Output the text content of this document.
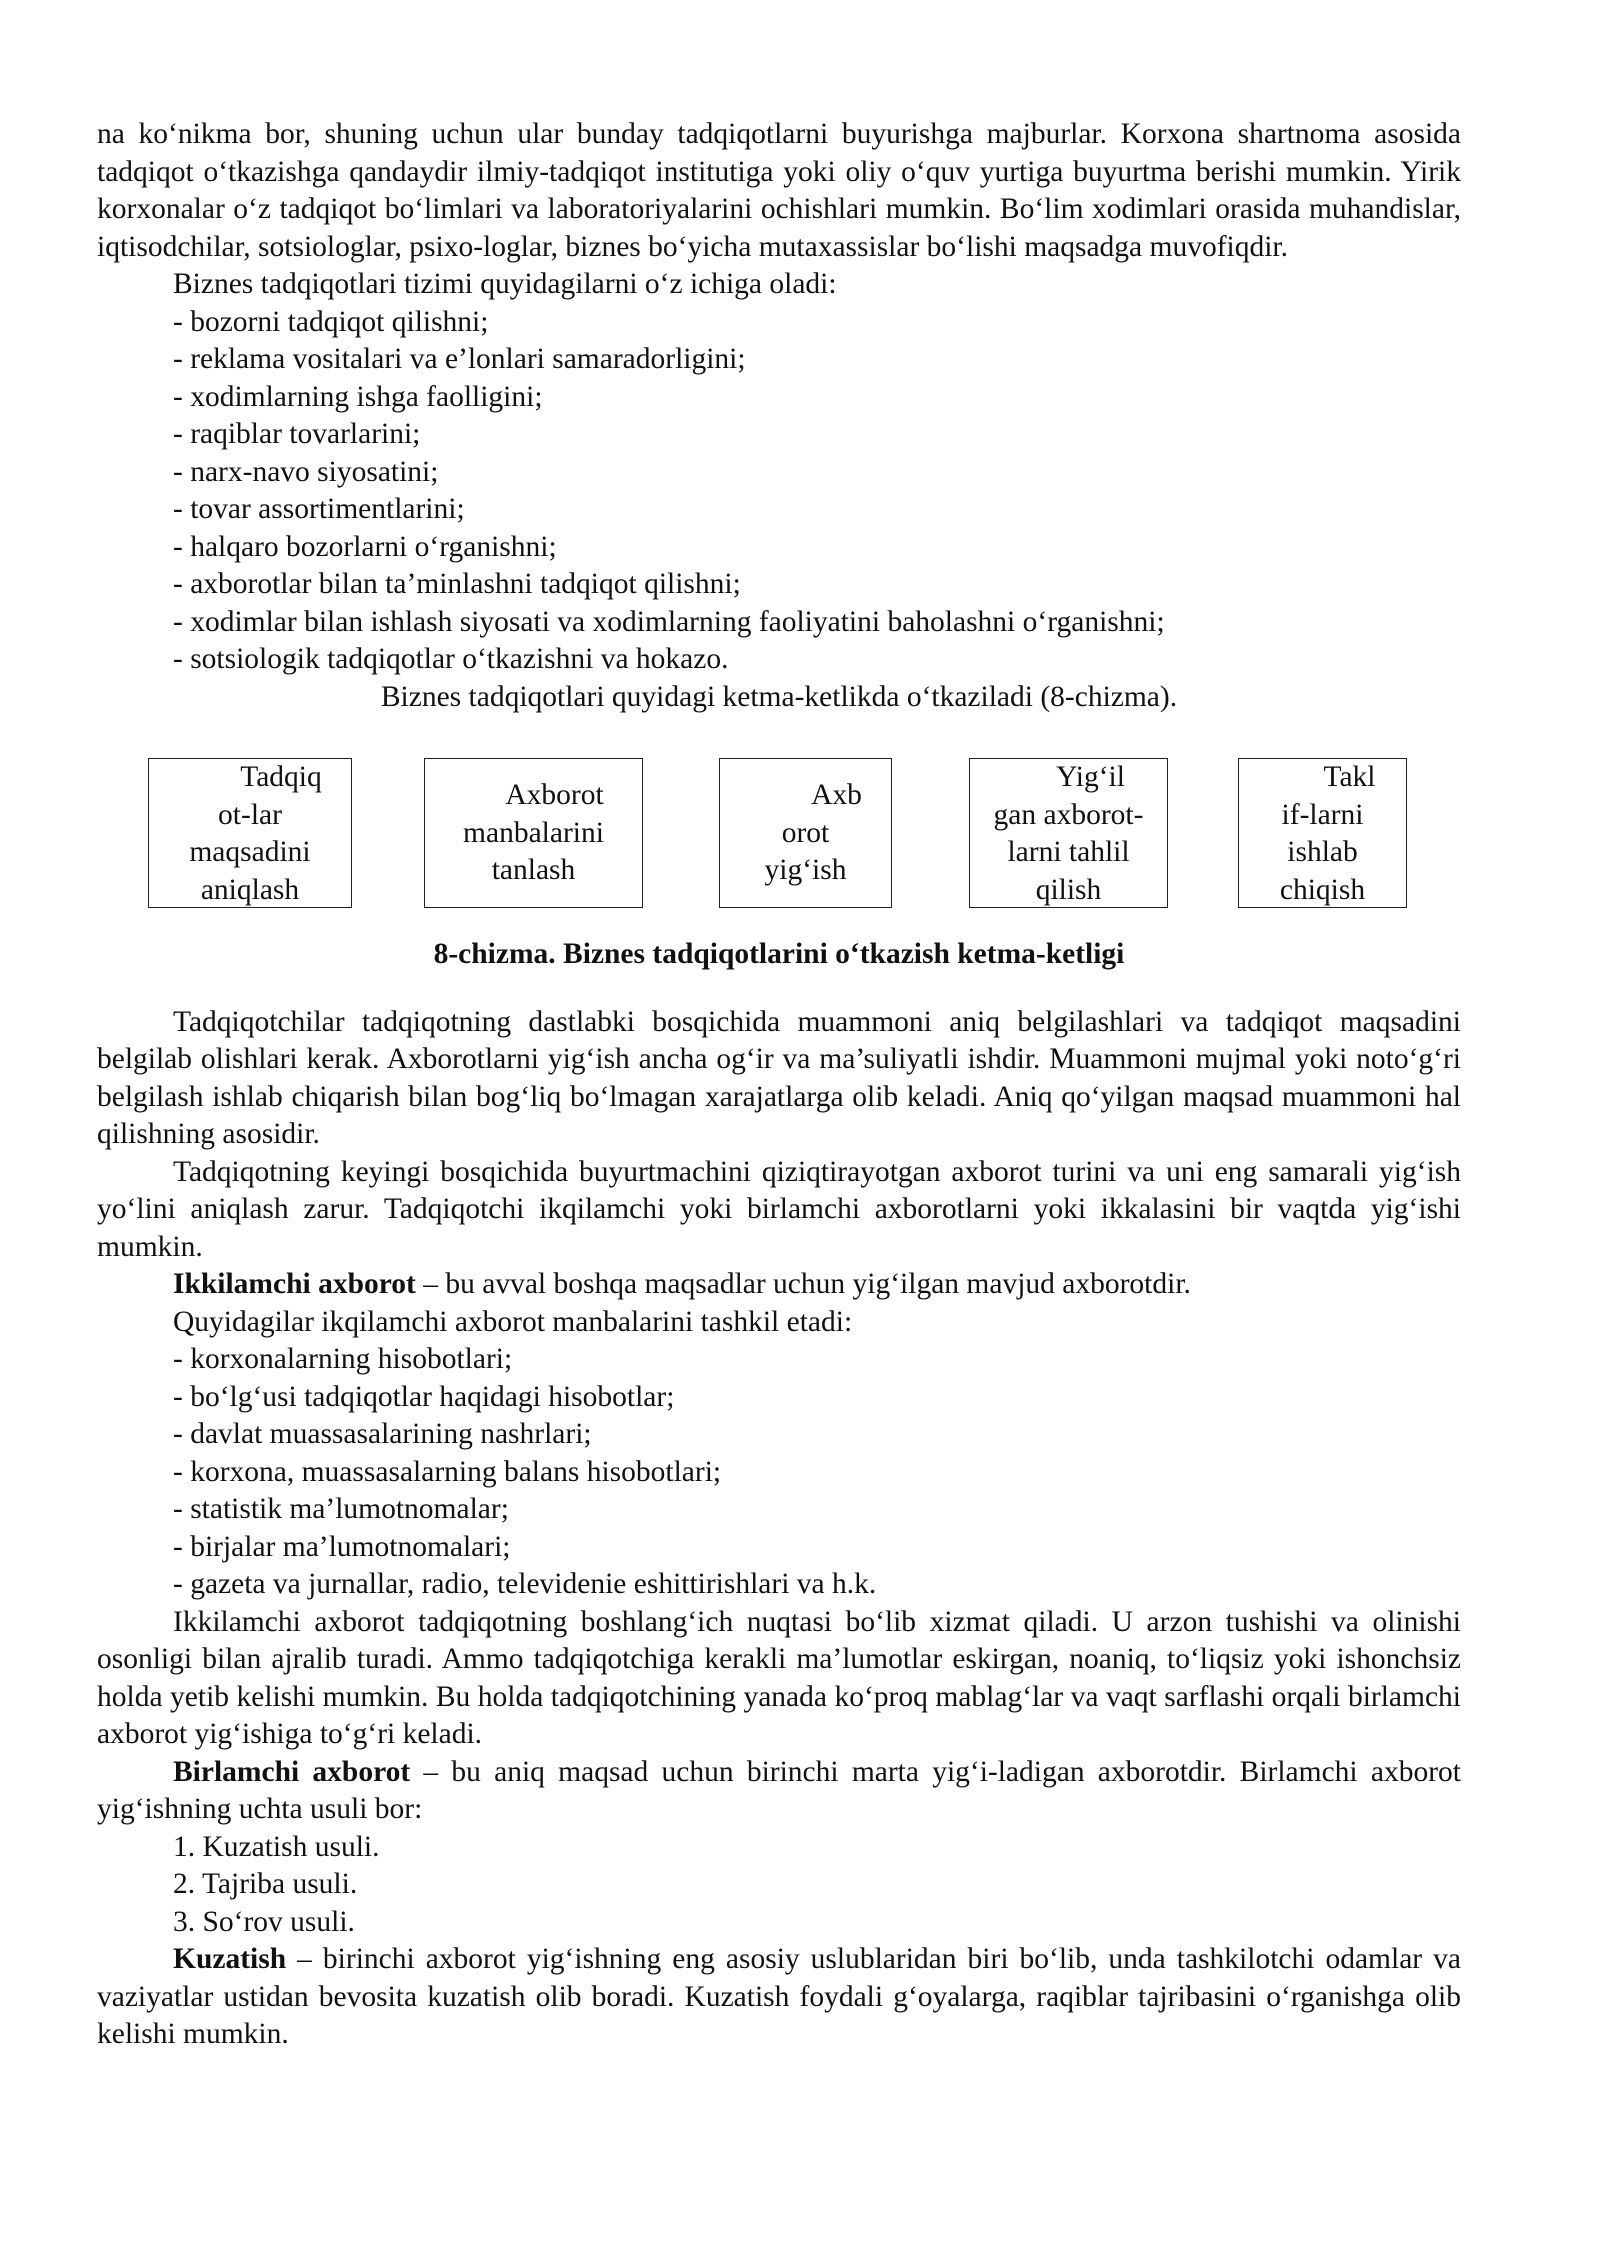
na ko‘nikma bor, shuning uchun ular bunday tadqiqotlarni buyurishga majburlar. Korxona shartnoma asosida tadqiqot o‘tkazishga qandaydir ilmiy-tadqiqot institutiga yoki oliy o‘quv yurtiga buyurtma berishi mumkin. Yirik korxonalar o‘z tadqiqot bo‘limlari va laboratoriyalarini ochishlari mumkin. Bo‘lim xodimlari orasida muhandislar, iqtisodchilar, sotsiologlar, psixo-loglar, biznes bo‘yicha mutaxassislar bo‘lishi maqsadga muvofiqdir.

Biznes tadqiqotlari tizimi quyidagilarni o‘z ichiga oladi:

- bozorni tadqiqot qilishni;

- reklama vositalari va e’lonlari samaradorligini;

- xodimlarning ishga faolligini;

- raqiblar tovarlarini;

- narx-navo siyosatini;

- tovar assortimentlarini;

- halqaro bozorlarni o‘rganishni;

- axborotlar bilan ta’minlashni tadqiqot qilishni;

- xodimlar bilan ishlash siyosati va xodimlarning faoliyatini baholashni o‘rganishni;

- sotsiologik tadqiqotlar o‘tkazishni va hokazo.

Biznes tadqiqotlari quyidagi ketma-ketlikda o‘tkaziladi (8-chizma).

Tadqiq
ot-lar
maqsadini
aniqlash
Axborot
manbalarini
tanlash
Axb
orot
yig‘ish
Yig‘il
gan axborot-
larni tahlil
qilish
Takl
if-larni
ishlab
chiqish

8-chizma. Biznes tadqiqotlarini o‘tkazish ketma-ketligi

Tadqiqotchilar tadqiqotning dastlabki bosqichida muammoni aniq belgilashlari va tadqiqot maqsadini belgilab olishlari kerak. Axborotlarni yig‘ish ancha og‘ir va ma’suliyatli ishdir. Muammoni mujmal yoki noto‘g‘ri belgilash ishlab chiqarish bilan bog‘liq bo‘lmagan xarajatlarga olib keladi. Aniq qo‘yilgan maqsad muammoni hal qilishning asosidir.

Tadqiqotning keyingi bosqichida buyurtmachini qiziqtirayotgan axborot turini va uni eng samarali yig‘ish yo‘lini aniqlash zarur. Tadqiqotchi ikqilamchi yoki birlamchi axborotlarni yoki ikkalasini bir vaqtda yig‘ishi mumkin.

Ikkilamchi axborot – bu avval boshqa maqsadlar uchun yig‘ilgan mavjud axborotdir.

Quyidagilar ikqilamchi axborot manbalarini tashkil etadi:

- korxonalarning hisobotlari;

- bo‘lg‘usi tadqiqotlar haqidagi hisobotlar;

- davlat muassasalarining nashrlari;

- korxona, muassasalarning balans hisobotlari;

- statistik ma’lumotnomalar;

- birjalar ma’lumotnomalari;

- gazeta va jurnallar, radio, televidenie eshittirishlari va h.k.

Ikkilamchi axborot tadqiqotning boshlang‘ich nuqtasi bo‘lib xizmat qiladi. U arzon tushishi va olinishi osonligi bilan ajralib turadi. Ammo tadqiqotchiga kerakli ma’lumotlar eskirgan, noaniq, to‘liqsiz yoki ishonchsiz holda yetib kelishi mumkin. Bu holda tadqiqotchining yanada ko‘proq mablag‘lar va vaqt sarflashi orqali birlamchi axborot yig‘ishiga to‘g‘ri keladi.

Birlamchi axborot – bu aniq maqsad uchun birinchi marta yig‘i-ladigan axborotdir. Birlamchi axborot yig‘ishning uchta usuli bor:

1. Kuzatish usuli.

2. Tajriba usuli.

3. So‘rov usuli.

Kuzatish – birinchi axborot yig‘ishning eng asosiy uslublaridan biri bo‘lib, unda tashkilotchi odamlar va vaziyatlar ustidan bevosita kuzatish olib boradi. Kuzatish foydali g‘oyalarga, raqiblar tajribasini o‘rganishga olib kelishi mumkin.
